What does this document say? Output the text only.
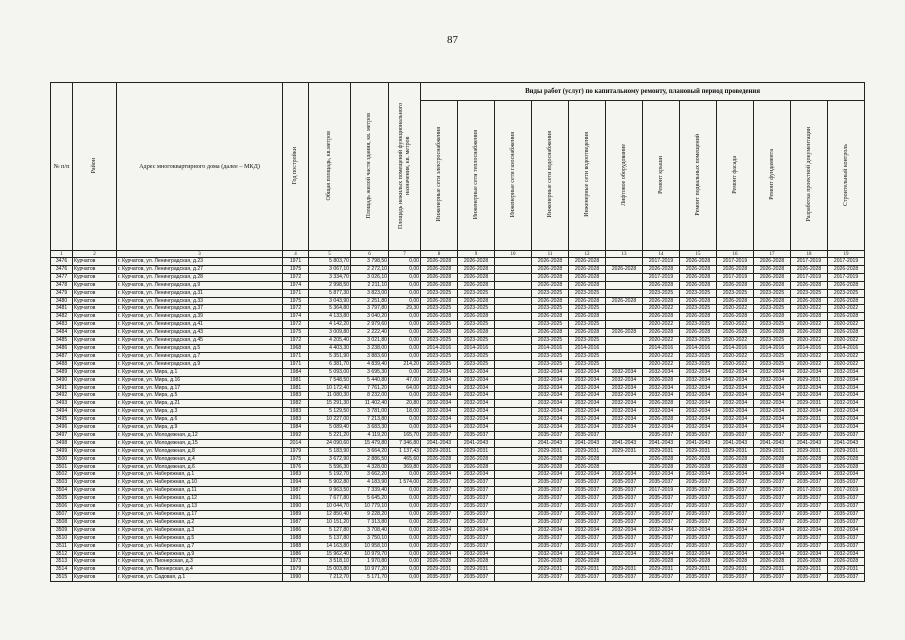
87
№ п/п	Район	Адрес многоквартирного дома (далее – МКД)	Год постройки	Общая площадь, кв.метров	Площадь жилой части здания, кв. метров	Площадь нежилых помещений функционального назначения, кв. метров	Виды работ (услуг) по капитальному ремонту, плановый период проведения											
							Инженерные сети электроснабжения	Инженерные сети теплоснабжения	Инженерные сети газоснабжения	Инженерные сети водоснабжения	Инженерные сети водоотведения	Лифтовое оборудование	Ремонт крыши	Ремонт подвальных помещений	Ремонт фасада	Ремонт фундамента	Разработка проектной документации	Строительный контроль
1	2	3	4	5	6	7	8	9	10	11	12	13	14	15	16	17	18	19
3476	Курчатов	г. Курчатов, ул. Ленинградская, д.23	1971	5 803,70	3 798,50	0,00	2026-2028	2026-2028		2026-2028	2026-2028		2017-2019	2026-2028	2017-2019	2026-2028	2017-2019	2017-2019
3476	Курчатов	г. Курчатов, ул. Ленинградская, д.27	1975	3 067,10	2 272,10	0,00	2026-2028	2026-2028		2026-2028	2026-2028	2026-2028	2026-2028	2026-2028	2026-2028	2026-2028	2026-2028	2026-2028
3477	Курчатов	г. Курчатов, ул. Ленинградская, д.28	1972	3 334,70	3 026,10	0,00	2026-2028	2026-2028		2026-2028	2026-2028		2017-2019	2026-2028	2017-2019	2026-2028	2017-2019	2017-2019
3478	Курчатов	г. Курчатов, ул. Ленинградская, д.9	1974	2 998,50	2 211,10	0,00	2026-2028	2026-2028		2026-2028	2026-2028		2026-2028	2026-2028	2026-2028	2026-2028	2026-2028	2026-2028
3479	Курчатов	г. Курчатов, ул. Ленинградская, д.31	1971	5 877,30	3 823,00	0,00	2023-2025	2023-2025		2023-2025	2023-2025		2023-2025	2023-2025	2023-2025	2023-2025	2023-2025	2023-2025
3480	Курчатов	г. Курчатов, ул. Ленинградская, д.33	1975	3 043,90	2 251,80	0,00	2026-2028	2026-2028		2026-2028	2026-2028	2026-2028	2026-2028	2026-2028	2026-2028	2026-2028	2026-2028	2026-2028
3481	Курчатов	г. Курчатов, ул. Ленинградская, д.37	1972	5 364,80	3 797,80	29,30	2023-2025	2023-2025		2023-2025	2023-2025		2020-2022	2023-2025	2020-2022	2023-2025	2020-2022	2020-2022
3482	Курчатов	г. Курчатов, ул. Ленинградская, д.39	1974	4 133,80	3 040,20	0,00	2026-2028	2026-2028		2026-2028	2026-2028		2026-2028	2026-2028	2026-2028	2026-2028	2026-2028	2026-2028
3483	Курчатов	г. Курчатов, ул. Ленинградская, д.41	1972	4 142,20	2 979,60	0,00	2023-2025	2023-2025		2023-2025	2023-2025		2020-2022	2023-2025	2020-2022	2023-2025	2020-2022	2020-2022
3484	Курчатов	г. Курчатов, ул. Ленинградская, д.43	1975	3 009,80	2 222,40	0,00	2026-2028	2026-2028		2026-2028	2026-2028	2026-2028	2026-2028	2026-2028	2026-2028	2026-2028	2026-2028	2026-2028
3485	Курчатов	г. Курчатов, ул. Ленинградская, д.45	1972	4 205,40	3 021,80	0,00	2023-2025	2023-2025		2023-2025	2023-2025		2020-2022	2023-2025	2020-2022	2023-2025	2020-2022	2020-2022
3486	Курчатов	г. Курчатов, ул. Ленинградская, д.5	1968	4 403,30	3 238,00	0,00	2014-2016	2014-2016		2014-2016	2014-2016		2014-2016	2014-2016	2014-2016	2014-2016	2014-2016	2014-2016
3487	Курчатов	г. Курчатов, ул. Ленинградская, д.7	1971	5 351,90	3 883,60	0,00	2023-2025	2023-2025		2023-2025	2023-2025		2020-2022	2023-2025	2020-2022	2023-2025	2020-2022	2020-2022
3488	Курчатов	г. Курчатов, ул. Ленинградская, д.9	1971	6 381,70	4 839,40	214,20	2023-2025	2023-2025		2023-2025	2023-2025		2020-2022	2023-2025	2020-2022	2023-2025	2020-2022	2020-2022
3489	Курчатов	г. Курчатов, ул. Мира, д.1	1984	5 093,00	3 695,30	0,00	2032-2034	2032-2034		2032-2034	2032-2034	2032-2034	2032-2034	2032-2034	2032-2034	2032-2034	2032-2034	2032-2034
3490	Курчатов	г. Курчатов, ул. Мира, д.16	1981	7 548,50	5 440,80	47,00	2032-2034	2032-2034		2032-2034	2032-2034	2032-2034	2026-2028	2032-2034	2032-2034	2032-2034	2029-2031	2032-2034
3491	Курчатов	г. Курчатов, ул. Мира, д.17	1981	10 172,40	7 761,20	64,00	2032-2034	2032-2034		2032-2034	2032-2034	2032-2034	2032-2034	2032-2034	2032-2034	2032-2034	2032-2034	2032-2034
3492	Курчатов	г. Курчатов, ул. Мира, д.5	1983	11 080,30	8 232,00	0,00	2032-2034	2032-2034		2032-2034	2032-2034	2032-2034	2032-2034	2032-2034	2032-2034	2032-2034	2032-2034	2032-2034
3493	Курчатов	г. Курчатов, ул. Мира, д.21	1982	15 291,30	11 402,40	20,80	2032-2034	2032-2034		2032-2034	2032-2034	2032-2034	2026-2028	2032-2034	2032-2034	2032-2034	2029-2031	2032-2034
3494	Курчатов	г. Курчатов, ул. Мира, д.3	1983	5 129,50	3 781,00	18,00	2032-2034	2032-2034		2032-2034	2032-2034	2032-2034	2032-2034	2032-2034	2032-2034	2032-2034	2032-2034	2032-2034
3495	Курчатов	г. Курчатов, ул. Мира, д.6	1983	10 227,00	7 213,80	0,00	2032-2034	2032-2034		2032-2034	2032-2034	2032-2034	2026-2028	2032-2034	2032-2034	2032-2034	2029-2031	2032-2034
3496	Курчатов	г. Курчатов, ул. Мира, д.9	1984	5 089,40	3 683,30	0,00	2032-2034	2032-2034		2032-2034	2032-2034	2032-2034	2032-2034	2032-2034	2032-2034	2032-2034	2032-2034	2032-2034
3497	Курчатов	г. Курчатов, ул. Молодежная, д.12	1992	5 221,20	4 119,20	165,70	2035-2037	2035-2037		2035-2037	2035-2037		2035-2037	2035-2037	2035-2037	2035-2037	2035-2037	2035-2037
3498	Курчатов	г. Курчатов, ул. Молодежная, д.15	2014	24 090,60	15 479,80	7 346,80	2041-2043	2041-2043		2041-2043	2041-2043	2041-2043	2041-2043	2041-2043	2041-2043	2041-2043	2041-2043	2041-2043
3499	Курчатов	г. Курчатов, ул. Молодежная, д.8	1979	5 183,90	3 664,20	1 137,43	2029-2031	2029-2031		2029-2031	2029-2031	2029-2031	2029-2031	2029-2031	2029-2031	2029-2031	2029-2031	2029-2031
3500	Курчатов	г. Курчатов, ул. Молодежная, д.4	1975	3 672,90	2 886,50	465,60	2026-2028	2026-2028		2026-2028	2026-2028		2026-2028	2026-2028	2026-2028	2026-2028	2026-2028	2026-2028
3501	Курчатов	г. Курчатов, ул. Молодежная, д.6	1976	5 596,30	4 328,00	369,80	2026-2028	2026-2028		2026-2028	2026-2028		2026-2028	2026-2028	2026-2028	2026-2028	2026-2028	2026-2028
3502	Курчатов	г. Курчатов, ул. Набережная, д.1	1983	5 192,70	3 662,20	0,00	2032-2034	2032-2034		2032-2034	2032-2034	2032-2034	2032-2034	2032-2034	2032-2034	2032-2034	2032-2034	2032-2034
3503	Курчатов	г. Курчатов, ул. Набережная, д.10	1994	5 902,80	4 183,90	1 574,00	2035-2037	2035-2037		2035-2037	2035-2037	2035-2037	2035-2037	2035-2037	2035-2037	2035-2037	2035-2037	2035-2037
3504	Курчатов	г. Курчатов, ул. Набережная, д.11	1987	9 963,50	7 339,40	0,00	2035-2037	2035-2037		2035-2037	2035-2037	2035-2037	2017-2019	2035-2037	2035-2037	2035-2037	2017-2019	2017-2019
3505	Курчатов	г. Курчатов, ул. Набережная, д.12	1991	7 677,80	5 645,20	0,00	2035-2037	2035-2037		2035-2037	2035-2037	2035-2037	2035-2037	2035-2037	2035-2037	2035-2037	2035-2037	2035-2037
3506	Курчатов	г. Курчатов, ул. Набережная, д.13	1990	10 044,70	10 779,10	0,00	2035-2037	2035-2037		2035-2037	2035-2037	2035-2037	2035-2037	2035-2037	2035-2037	2035-2037	2035-2037	2035-2037
3507	Курчатов	г. Курчатов, ул. Набережная, д.17	1989	12 850,40	9 228,20	0,00	2035-2037	2035-2037		2035-2037	2035-2037	2035-2037	2035-2037	2035-2037	2035-2037	2035-2037	2035-2037	2035-2037
3508	Курчатов	г. Курчатов, ул. Набережная, д.2	1987	10 151,20	7 313,80	0,00	2035-2037	2035-2037		2035-2037	2035-2037	2035-2037	2035-2037	2035-2037	2035-2037	2035-2037	2035-2037	2035-2037
3509	Курчатов	г. Курчатов, ул. Набережная, д.3	1986	5 127,80	3 708,40	0,00	2032-2034	2032-2034		2032-2034	2032-2034	2032-2034	2032-2034	2032-2034	2032-2034	2032-2034	2032-2034	2032-2034
3510	Курчатов	г. Курчатов, ул. Набережная, д.5	1988	5 137,80	3 750,10	0,00	2035-2037	2035-2037		2035-2037	2035-2037	2035-2037	2035-2037	2035-2037	2035-2037	2035-2037	2035-2037	2035-2037
3511	Курчатов	г. Курчатов, ул. Набережная, д.7	1988	14 163,80	10 958,10	0,00	2035-2037	2035-2037		2035-2037	2035-2037	2035-2037	2035-2037	2035-2037	2035-2037	2035-2037	2035-2037	2035-2037
3512	Курчатов	г. Курчатов, ул. Набережная, д.9	1986	15 962,40	10 979,70	0,00	2032-2034	2032-2034		2032-2034	2032-2034	2032-2034	2032-2034	2032-2034	2032-2034	2032-2034	2032-2034	2032-2034
3513	Курчатов	г. Курчатов, ул. Пионерская, д.3	1973	3 518,10	1 970,80	0,00	2026-2028	2026-2028		2026-2028	2026-2028		2026-2028	2026-2028	2026-2028	2026-2028	2026-2028	2026-2028
3514	Курчатов	г. Курчатов, ул. Пионерская, д.4	1979	15 003,80	10 977,20	0,00	2029-2031	2029-2031		2029-2031	2029-2031	2029-2031	2029-2031	2029-2031	2029-2031	2029-2031	2029-2031	2029-2031
3515	Курчатов	г. Курчатов, ул. Садовая, д.1	1990	7 212,70	5 171,70	0,00	2035-2037	2035-2037		2035-2037	2035-2037	2035-2037	2035-2037	2035-2037	2035-2037	2035-2037	2035-2037	2035-2037
